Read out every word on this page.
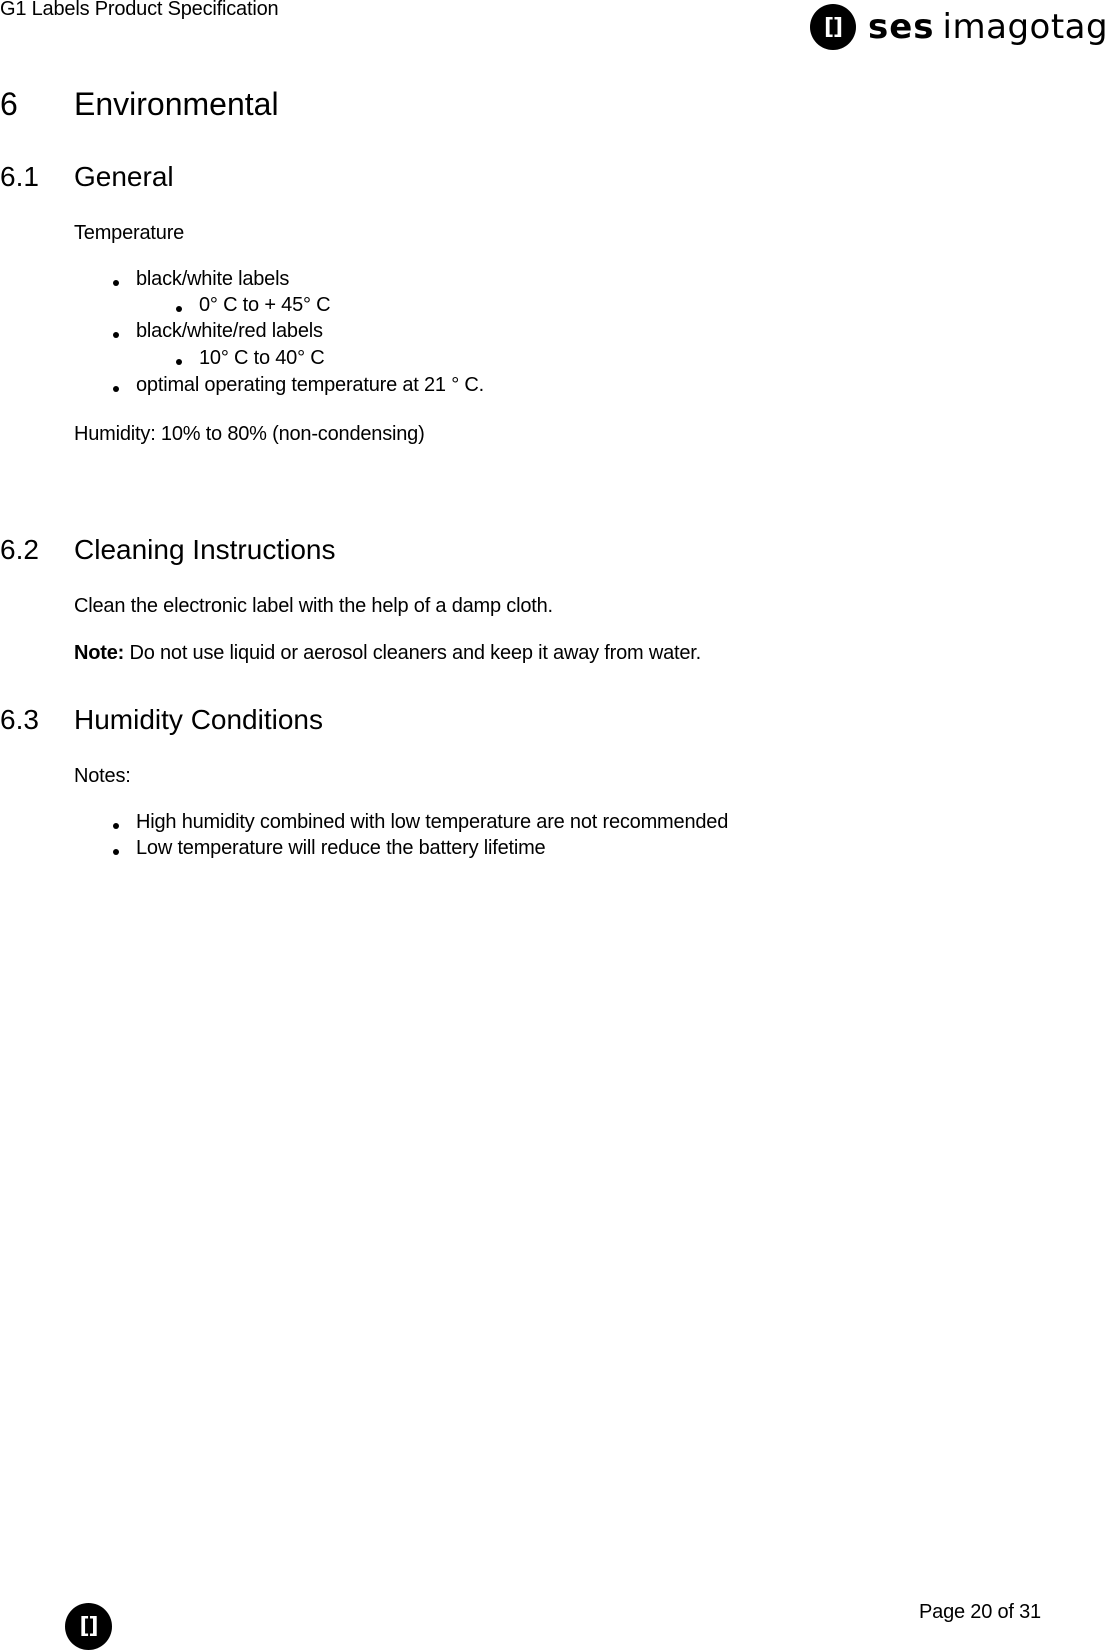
G1 Labels Product Specification
[] ses imagotag
6 Environmental
6.1 General
Temperature
black/white labels
0° C to + 45° C
black/white/red labels
10° C to 40° C
optimal operating temperature at 21 ° C.
Humidity: 10% to 80% (non-condensing)
6.2 Cleaning Instructions
Clean the electronic label with the help of a damp cloth.
Note: Do not use liquid or aerosol cleaners and keep it away from water.
6.3 Humidity Conditions
Notes:
High humidity combined with low temperature are not recommended
Low temperature will reduce the battery lifetime
[]
Page 20 of 31
